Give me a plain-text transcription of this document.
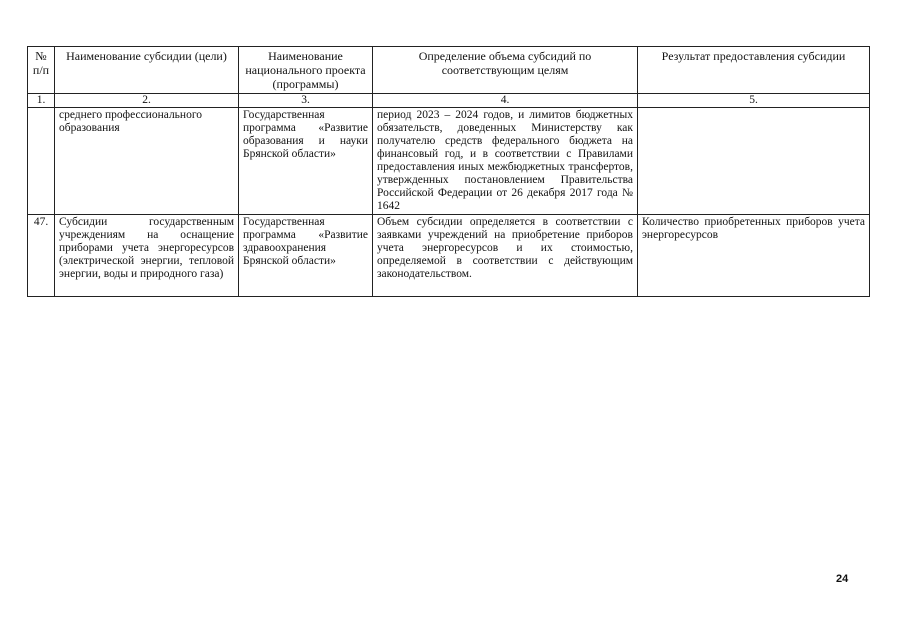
№ п/п	Наименование субсидии (цели)	Наименование национального проекта (программы)	Определение объема субсидий по соответствующим целям	Результат предоставления субсидии
1.	2.	3.	4.	5.
	среднего профессионального образования	Государственная программа «Развитие образования и науки Брянской области»	период 2023 – 2024 годов, и лимитов бюджетных обязательств, доведенных Министерству как получателю средств федерального бюджета на финансовый год, и в соответствии с Правилами предоставления иных межбюджетных трансфертов, утвержденных постановлением Правительства Российской Федерации от 26 декабря 2017 года № 1642	
47.	Субсидии государственным учреждениям на оснащение приборами учета энергоресурсов (электрической энергии, тепловой энергии, воды и природного газа)	Государственная программа «Развитие здравоохранения Брянской области»	Объем субсидии определяется в соответствии с заявками учреждений на приобретение приборов учета энергоресурсов и их стоимостью, определяемой в соответствии с действующим законодательством.	Количество приобретенных приборов учета энергоресурсов
24
